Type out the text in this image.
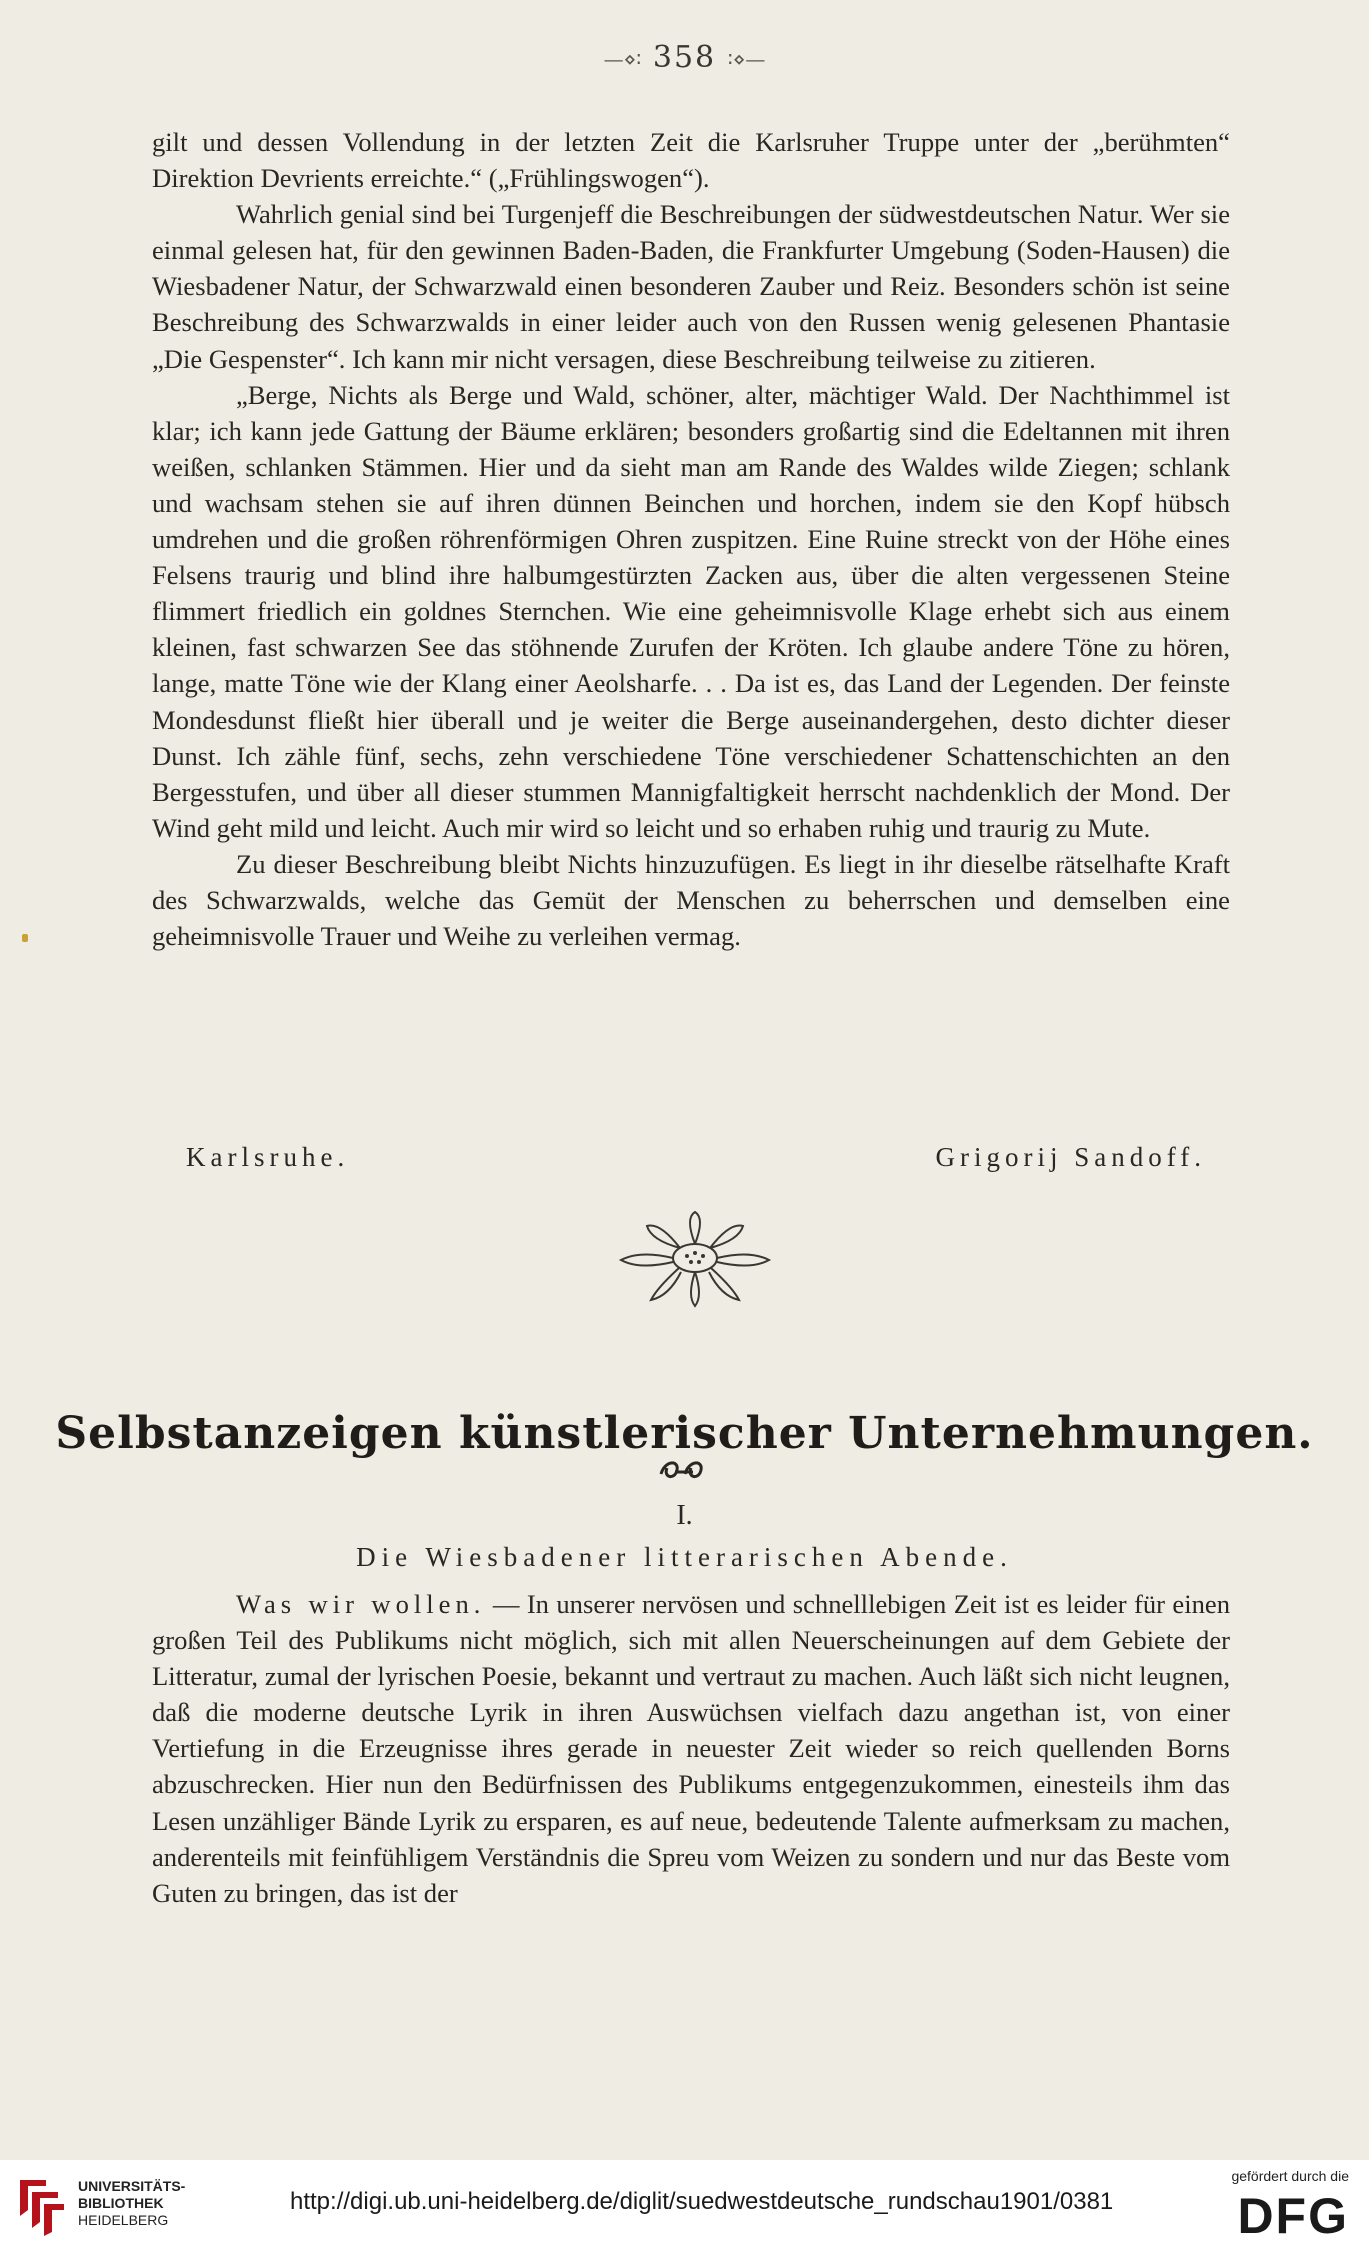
—⋄∶ 358 ∶⋄—

gilt und dessen Vollendung in der letzten Zeit die Karlsruher Truppe unter der „berühmten“ Direktion Devrients erreichte.“ („Frühlingswogen“).

Wahrlich genial sind bei Turgenjeff die Beschreibungen der südwestdeutschen Natur. Wer sie einmal gelesen hat, für den gewinnen Baden-Baden, die Frankfurter Umgebung (Soden-Hausen) die Wiesbadener Natur, der Schwarzwald einen besonderen Zauber und Reiz. Besonders schön ist seine Beschreibung des Schwarzwalds in einer leider auch von den Russen wenig gelesenen Phantasie „Die Gespenster“. Ich kann mir nicht versagen, diese Beschreibung teilweise zu zitieren.

„Berge, Nichts als Berge und Wald, schöner, alter, mächtiger Wald. Der Nachthimmel ist klar; ich kann jede Gattung der Bäume erklären; besonders großartig sind die Edeltannen mit ihren weißen, schlanken Stämmen. Hier und da sieht man am Rande des Waldes wilde Ziegen; schlank und wachsam stehen sie auf ihren dünnen Beinchen und horchen, indem sie den Kopf hübsch umdrehen und die großen röhrenförmigen Ohren zuspitzen. Eine Ruine streckt von der Höhe eines Felsens traurig und blind ihre halbumgestürzten Zacken aus, über die alten vergessenen Steine flimmert friedlich ein goldnes Sternchen. Wie eine geheimnisvolle Klage erhebt sich aus einem kleinen, fast schwarzen See das stöhnende Zurufen der Kröten. Ich glaube andere Töne zu hören, lange, matte Töne wie der Klang einer Aeolsharfe. . . Da ist es, das Land der Legenden. Der feinste Mondesdunst fließt hier überall und je weiter die Berge auseinandergehen, desto dichter dieser Dunst. Ich zähle fünf, sechs, zehn verschiedene Töne verschiedener Schattenschichten an den Bergesstufen, und über all dieser stummen Mannigfaltigkeit herrscht nachdenklich der Mond. Der Wind geht mild und leicht. Auch mir wird so leicht und so erhaben ruhig und traurig zu Mute.

Zu dieser Beschreibung bleibt Nichts hinzuzufügen. Es liegt in ihr dieselbe rätselhafte Kraft des Schwarzwalds, welche das Gemüt der Menschen zu beherrschen und demselben eine geheimnisvolle Trauer und Weihe zu verleihen vermag.

Karlsruhe.	Grigorij Sandoff.
Selbstanzeigen künstlerischer Unternehmungen.
I.
Die Wiesbadener litterarischen Abende.

Was wir wollen. — In unserer nervösen und schnelllebigen Zeit ist es leider für einen großen Teil des Publikums nicht möglich, sich mit allen Neuerscheinungen auf dem Gebiete der Litteratur, zumal der lyrischen Poesie, bekannt und vertraut zu machen. Auch läßt sich nicht leugnen, daß die moderne deutsche Lyrik in ihren Auswüchsen vielfach dazu angethan ist, von einer Vertiefung in die Erzeugnisse ihres gerade in neuester Zeit wieder so reich quellenden Borns abzuschrecken. Hier nun den Bedürfnissen des Publikums entgegenzukommen, einesteils ihm das Lesen unzähliger Bände Lyrik zu ersparen, es auf neue, bedeutende Talente aufmerksam zu machen, anderenteils mit feinfühligem Verständnis die Spreu vom Weizen zu sondern und nur das Beste vom Guten zu bringen, das ist der

UNIVERSITÄTS-
BIBLIOTHEK
HEIDELBERG
http://digi.ub.uni-heidelberg.de/diglit/suedwestdeutsche_rundschau1901/0381
gefördert durch die
DFG
